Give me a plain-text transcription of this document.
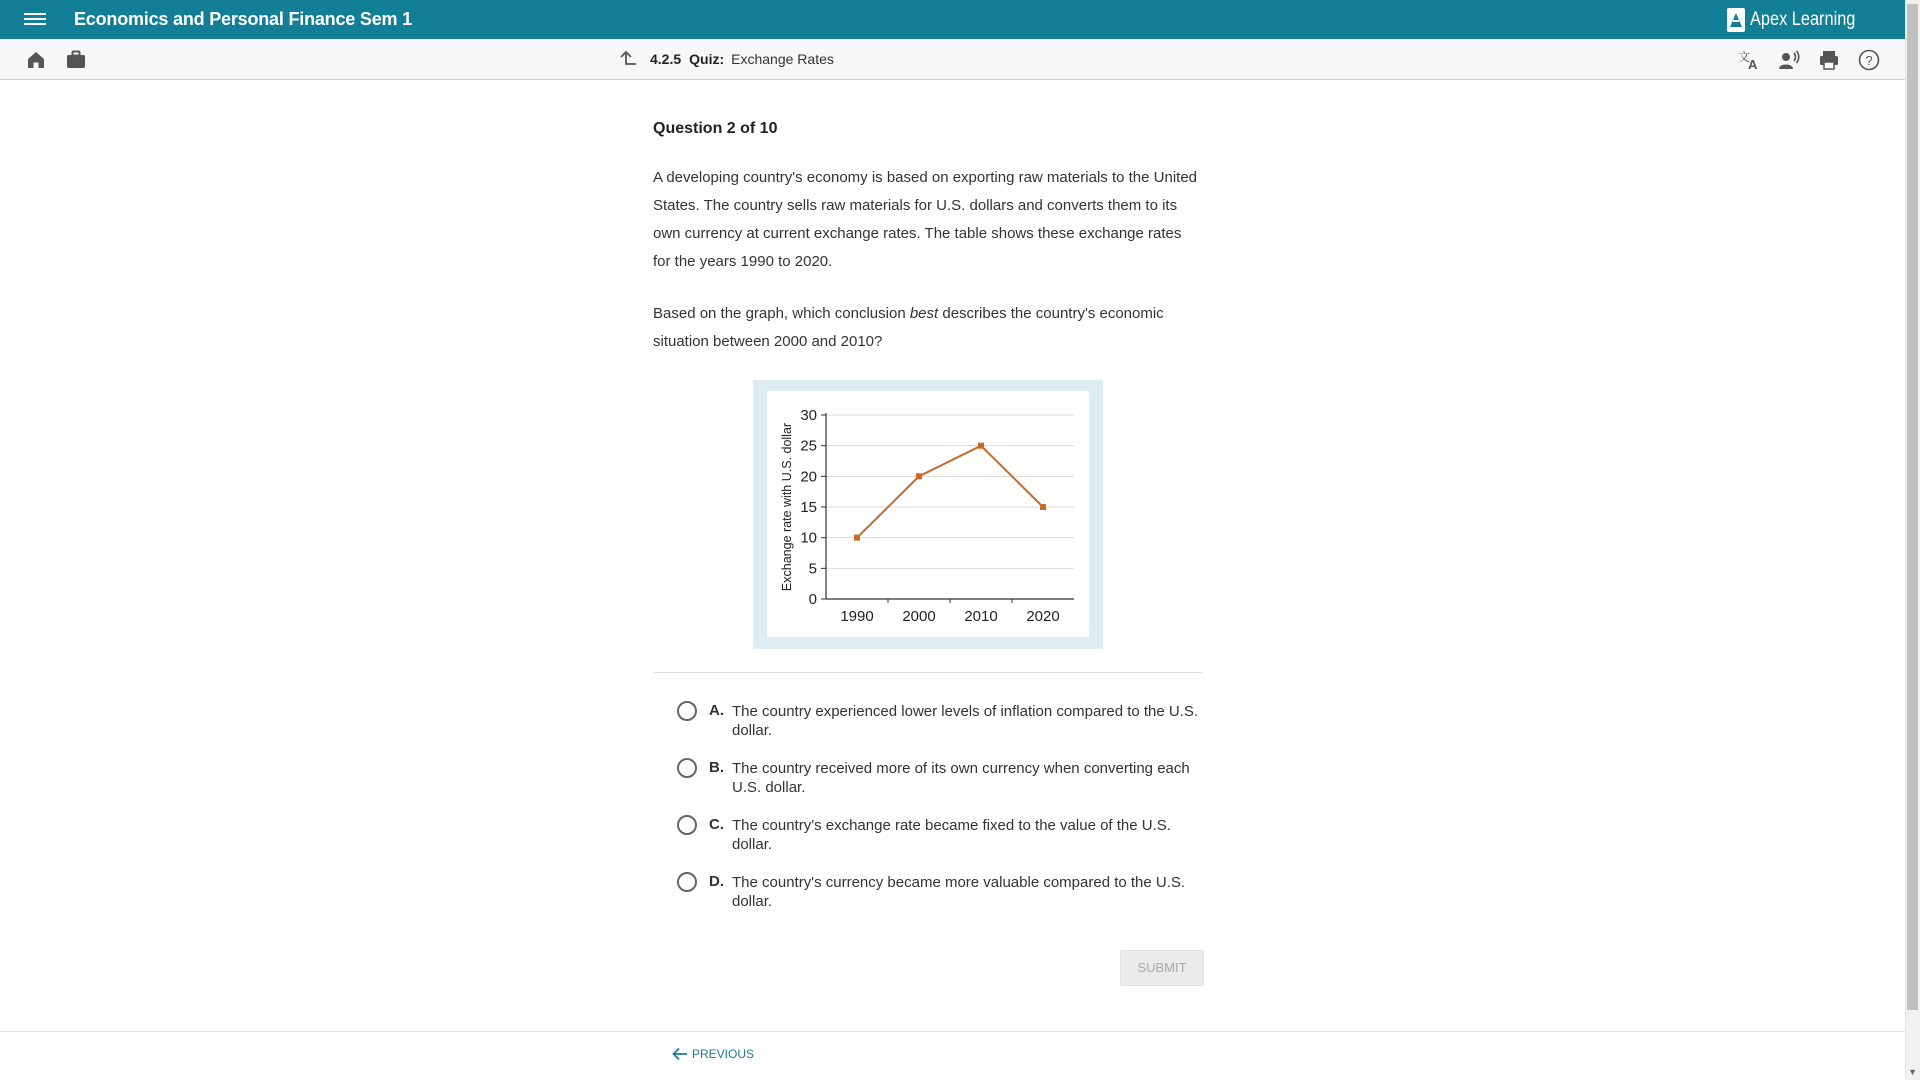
Economics and Personal Finance Sem 1	Apex Learning
4.2.5 Quiz: Exchange Rates	文
A	?
Question 2 of 10
A developing country's economy is based on exporting raw materials to the United States. The country sells raw materials for U.S. dollars and converts them to its own currency at current exchange rates. The table shows these exchange rates for the years 1990 to 2020.
Based on the graph, which conclusion best describes the country's economic situation between 2000 and 2010?
0
5
10
15
20
25
30
1990 2000 2010 2020
Exchange rate with U.S. dollar
A. The country experienced lower levels of inflation compared to the U.S. dollar.
B. The country received more of its own currency when converting each U.S. dollar.
C. The country's exchange rate became fixed to the value of the U.S. dollar.
D. The country's currency became more valuable compared to the U.S. dollar.
SUBMIT
PREVIOUS
▼
